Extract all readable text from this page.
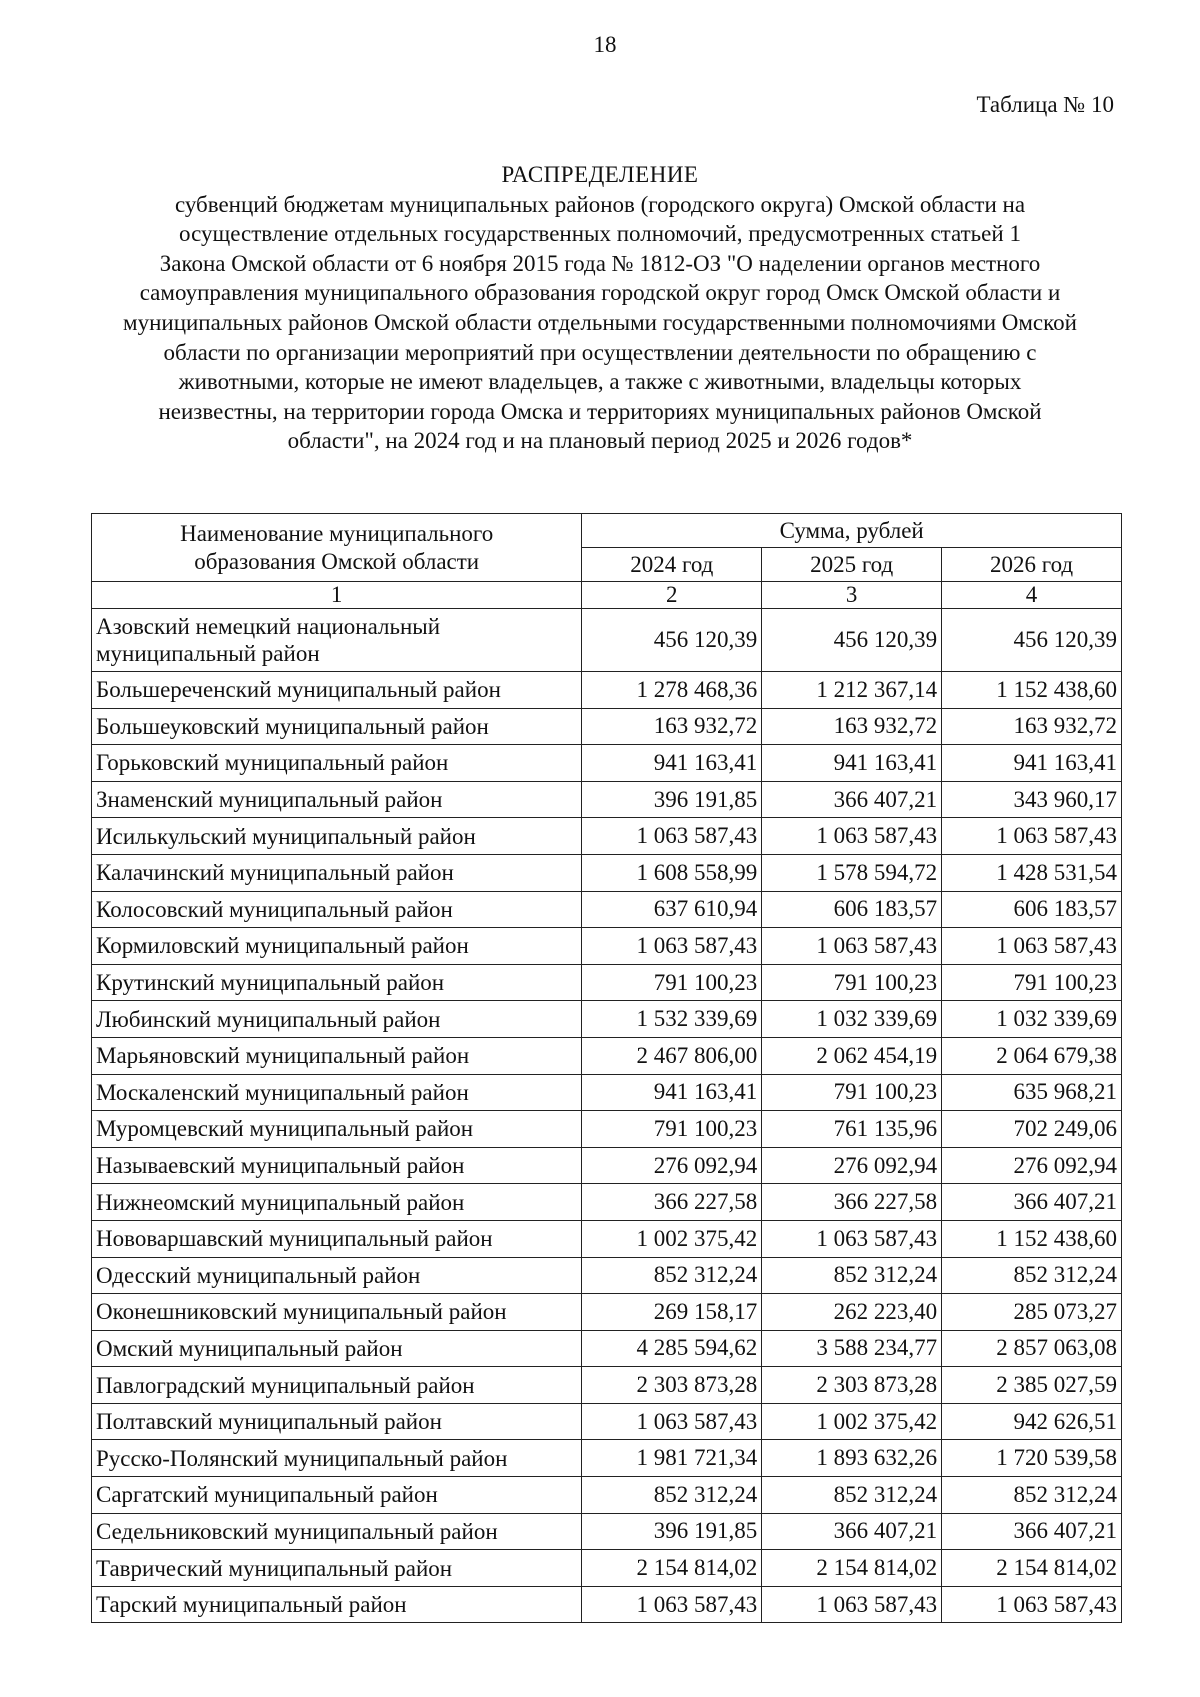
18
Таблица № 10
РАСПРЕДЕЛЕНИЕ
субвенций бюджетам муниципальных районов (городского округа) Омской области на
осуществление отдельных государственных полномочий, предусмотренных статьей 1
Закона Омской области от 6 ноября 2015 года № 1812-ОЗ "О наделении органов местного
самоуправления муниципального образования городской округ город Омск Омской области и
муниципальных районов Омской области отдельными государственными полномочиями Омской
области по организации мероприятий при осуществлении деятельности по обращению с
животными, которые не имеют владельцев, а также с животными, владельцы которых
неизвестны, на территории города Омска и территориях муниципальных районов Омской
области", на 2024 год и на плановый период 2025 и 2026 годов*
Наименование муниципального
образования Омской области	Сумма, рублей		
	2024 год	2025 год	2026 год
1	2	3	4

Азовский немецкий национальный
муниципальный район	456 120,39	456 120,39	456 120,39
Большереченский муниципальный район	1 278 468,36	1 212 367,14	1 152 438,60
Большеуковский муниципальный район	163 932,72	163 932,72	163 932,72
Горьковский муниципальный район	941 163,41	941 163,41	941 163,41
Знаменский муниципальный район	396 191,85	366 407,21	343 960,17
Исилькульский муниципальный район	1 063 587,43	1 063 587,43	1 063 587,43
Калачинский муниципальный район	1 608 558,99	1 578 594,72	1 428 531,54
Колосовский муниципальный район	637 610,94	606 183,57	606 183,57
Кормиловский муниципальный район	1 063 587,43	1 063 587,43	1 063 587,43
Крутинский муниципальный район	791 100,23	791 100,23	791 100,23
Любинский муниципальный район	1 532 339,69	1 032 339,69	1 032 339,69
Марьяновский муниципальный район	2 467 806,00	2 062 454,19	2 064 679,38
Москаленский муниципальный район	941 163,41	791 100,23	635 968,21
Муромцевский муниципальный район	791 100,23	761 135,96	702 249,06
Называевский муниципальный район	276 092,94	276 092,94	276 092,94
Нижнеомский муниципальный район	366 227,58	366 227,58	366 407,21
Нововаршавский муниципальный район	1 002 375,42	1 063 587,43	1 152 438,60
Одесский муниципальный район	852 312,24	852 312,24	852 312,24
Оконешниковский муниципальный район	269 158,17	262 223,40	285 073,27
Омский муниципальный район	4 285 594,62	3 588 234,77	2 857 063,08
Павлоградский муниципальный район	2 303 873,28	2 303 873,28	2 385 027,59
Полтавский муниципальный район	1 063 587,43	1 002 375,42	942 626,51
Русско-Полянский муниципальный район	1 981 721,34	1 893 632,26	1 720 539,58
Саргатский муниципальный район	852 312,24	852 312,24	852 312,24
Седельниковский муниципальный район	396 191,85	366 407,21	366 407,21
Таврический муниципальный район	2 154 814,02	2 154 814,02	2 154 814,02
Тарский муниципальный район	1 063 587,43	1 063 587,43	1 063 587,43
